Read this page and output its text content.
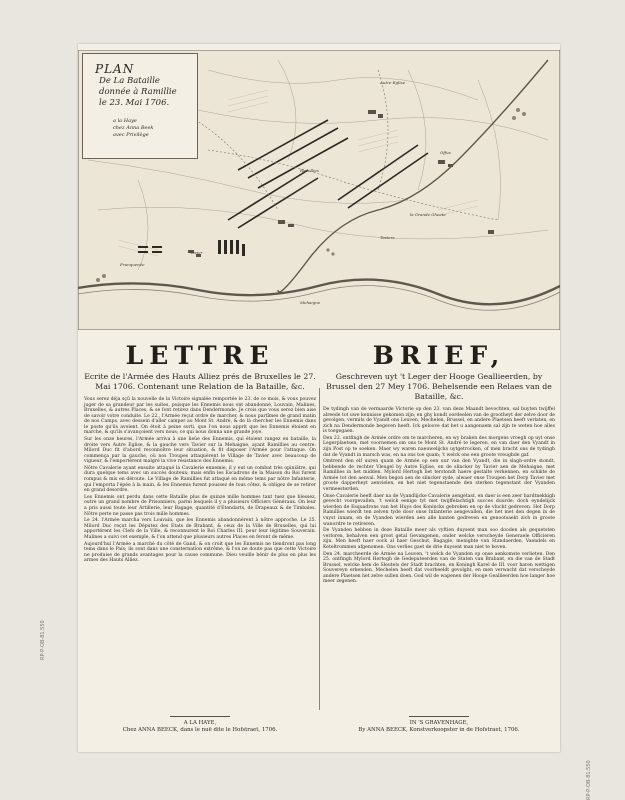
Ramillies
Autre Eglise
Offus
Tavier
Franquenée
la Grande Gheete
Mehaigne
Taviers
PLAN
De La Bataille
donnée à Ramillie
le 23. Mai 1706.
a la Haye
chez Anna Beek
avec Privilège
LETTRE
Ecrite de l'Armée des Hauts Alliez prés de Bruxelles le 27. Mai 1706. Contenant une Relation de la Bataille, &c.

Vous serez déja sçû la nouvelle de la Victoire signalée remportée le 23. de ce mois, & vous pouvez juger de sa grandeur par les suites, puisque les Ennemis nous ont abandonné, Louvain, Malines, Bruxelles, & autres Places, & se font retirez dans Dendermonde. Je crois que vous serez bien aise de savoir votre conduite. Le 22., l'Armée reçut ordre de marcher, & nous partîmes de grand matin de nos Camps, avec dessein d'aller camper au Mont St. André, & de là chercher les Ennemis dans le poste qu'ils avoient. On étoit à peine sorti, que l'on nous apprit que les Ennemis étoient en marche, & qu'ils s'avançoient vers nous; ce qui nous donna une grande joye.

Sur les onze heures, l'Armée arriva à une lieüe des Ennemis, qui étoient rangez en bataille, la droite vers Autre Eglise, & la gauche vers Tavier sur la Mehaigne, ayant Ramillies au centre. Milord Duc fit d'abord reconnoître leur situation, & fit disposer l'Armée pour l'attaque. On commença par la gauche, où nos Troupes attaquèrent le Village de Tavier avec beaucoup de vigueur, & l'emportèrent malgré la vive résistance des Ennemis.

Nôtre Cavalerie ayant ensuite attaqué la Cavalerie ennemie, il y eut un combat très opiniâtre, qui dura quelque tems avec un succès douteux; mais enfin les Escadrons de la Maison du Roi furent rompus & mis en déroute. Le Village de Ramillies fut attaqué en même tems par nôtre Infanterie, qui l'emporta l'épée à la main, & les Ennemis furent poussez de tous côtez, & obligez de se retirer en grand desordre.

Les Ennemis ont perdu dans cette Bataille plus de quinze mille hommes tant tuez que blessez, outre un grand nombre de Prisonniers, parmi lesquels il y a plusieurs Officiers Généraux. On leur a pris aussi toute leur Artillerie, leur Bagage, quantité d'Etendarts, de Drapeaux & de Timbales. Nôtre perte ne passe pas trois mille hommes.

Le 24. l'Armée marcha vers Louvain, que les Ennemis abandonnérent à nôtre approche. Le 25. Milord Duc reçut les Députez des Etats de Brabant, & ceux de la Ville de Bruxelles, qui lui apportérent les Clefs de la Ville, & reconnurent le Roi Charles III. pour leur légitime Souverain. Malines a suivi cet exemple, & l'on attend que plusieurs autres Places en feront de même.

Aujourd'hui l'Armée a marché du côté de Gand, & on croit que les Ennemis ne tiendront pas long tems dans le Païs; ils sont dans une consternation extrême, & l'on ne doute pas que cette Victoire ne produise de grands avantages pour la cause commune. Dieu veuille bénir de plus en plus les armes des Hauts Alliez.

BRIEF,
Geschreven uyt 't Leger der Hooge Geallieerden, by Brussel den 27 Mey 1706. Behelsende een Relaes van de Bataille, &c.

De tydingh van de vermaarde Victorie op den 23. van deze Maandt bevochten, sal buyten twijffel alreede tot uwe kennisse gekomen zijn; en ghy kondt oordeelen van de grootheyt der zelve door de gevolgen, vermits de Vyandt ons Leuven, Mechelen, Brussel, en andere Plaetsen heeft verlaten, en zich na Dendermonde begeven heeft. Ick geloove dat het u aangenaem sal zijn te weten hoe alles is toegegaen.

Den 22. ontfingh de Armée ordre om te marcheren, en wy braken des morgens vroegh op uyt onse Legerplaetsen, met voornemen om ons te Mont St. André te legeren, en van daer den Vyandt in zijn Post op te soeken. Maer wy waren naeuwelijcks uytgetrocken, of men bracht ons de tydingh dat de Vyandt in marsch was, en na ons toe quam; 't welck ons een groote vreughde gaf.

Omtrent den elf uuren quam de Armée op een uur van den Vyandt, die in slagh-ordre stondt, hebbende de rechter Vleugel by Autre Eglise, en de slincker by Tavier aen de Mehaigne, met Ramillies in het midden. Mylord Hertogh liet terstondt haere gestalte verkennen, en schikte de Armée tot den aenval. Men begon aen de slincker zyde, alwaer onse Troupen het Dorp Tavier met groote dapperheyt aenvielen, en het niet tegenstaende den sterken tegenstant der Vyanden vermeesterden.

Onse Cavalerie heeft daer na de Vyandlijcke Cavalerie aengetast, en daer is een zeer hardtnekkigh gevecht voorgevallen, 't welck eenige tyt met twijffelachtigh succes duurde; doch eyndelijck wierden de Esquadrons van het Huys des Konincks gebroken en op de vlucht gedreven. Het Dorp Ramillies wierdt ten zelven tyde door onse Infanterie aengevallen, die het met den degen in de vuyst innam, en de Vyanden wierden aen alle kanten gedreven en genootsaekt zich in groote wanordre te retireren.

De Vyanden hebben in deze Bataille meer als vyftien duysent man soo dooden als gequetsten verloren, behalven een groot getal Gevangenen, onder welcke verscheyde Generaele Officieren zijn. Men heeft haer oock al haer Geschut, Bagagie, menighte van Standaerden, Vaendels en Keteltrommen afgenomen. Ons verlies gaet de drie duysent man niet te boven.

Den 24. marcheerde de Armée na Leuven, 't welck de Vyanden op onse aenkomste verlieten. Den 25. ontfingh Mylord Hertogh de Gedeputeerden van de Staten van Brabant, en die van de Stadt Brussel, welcke hem de Sleutels der Stadt brachten, en Koningh Karel de III. voor haren wettigen Souvereyn erkenden. Mechelen heeft dat voorbeeldt gevolght, en men verwacht dat verscheyde andere Plaetsen het zelve sullen doen. God wil de wapenen der Hooge Geallieerden hoe langer hoe meer zegenen.

A LA HAYE,
Chez ANNA BEECK, dans le nuë dite le Hofstraet, 1706.
IN 'S GRAVENHAGE,
By ANNA BEECK, Konstverkoopster in de Hofstraet, 1706.
RP-P-OB-81.550
RP-P-OB-81.550
